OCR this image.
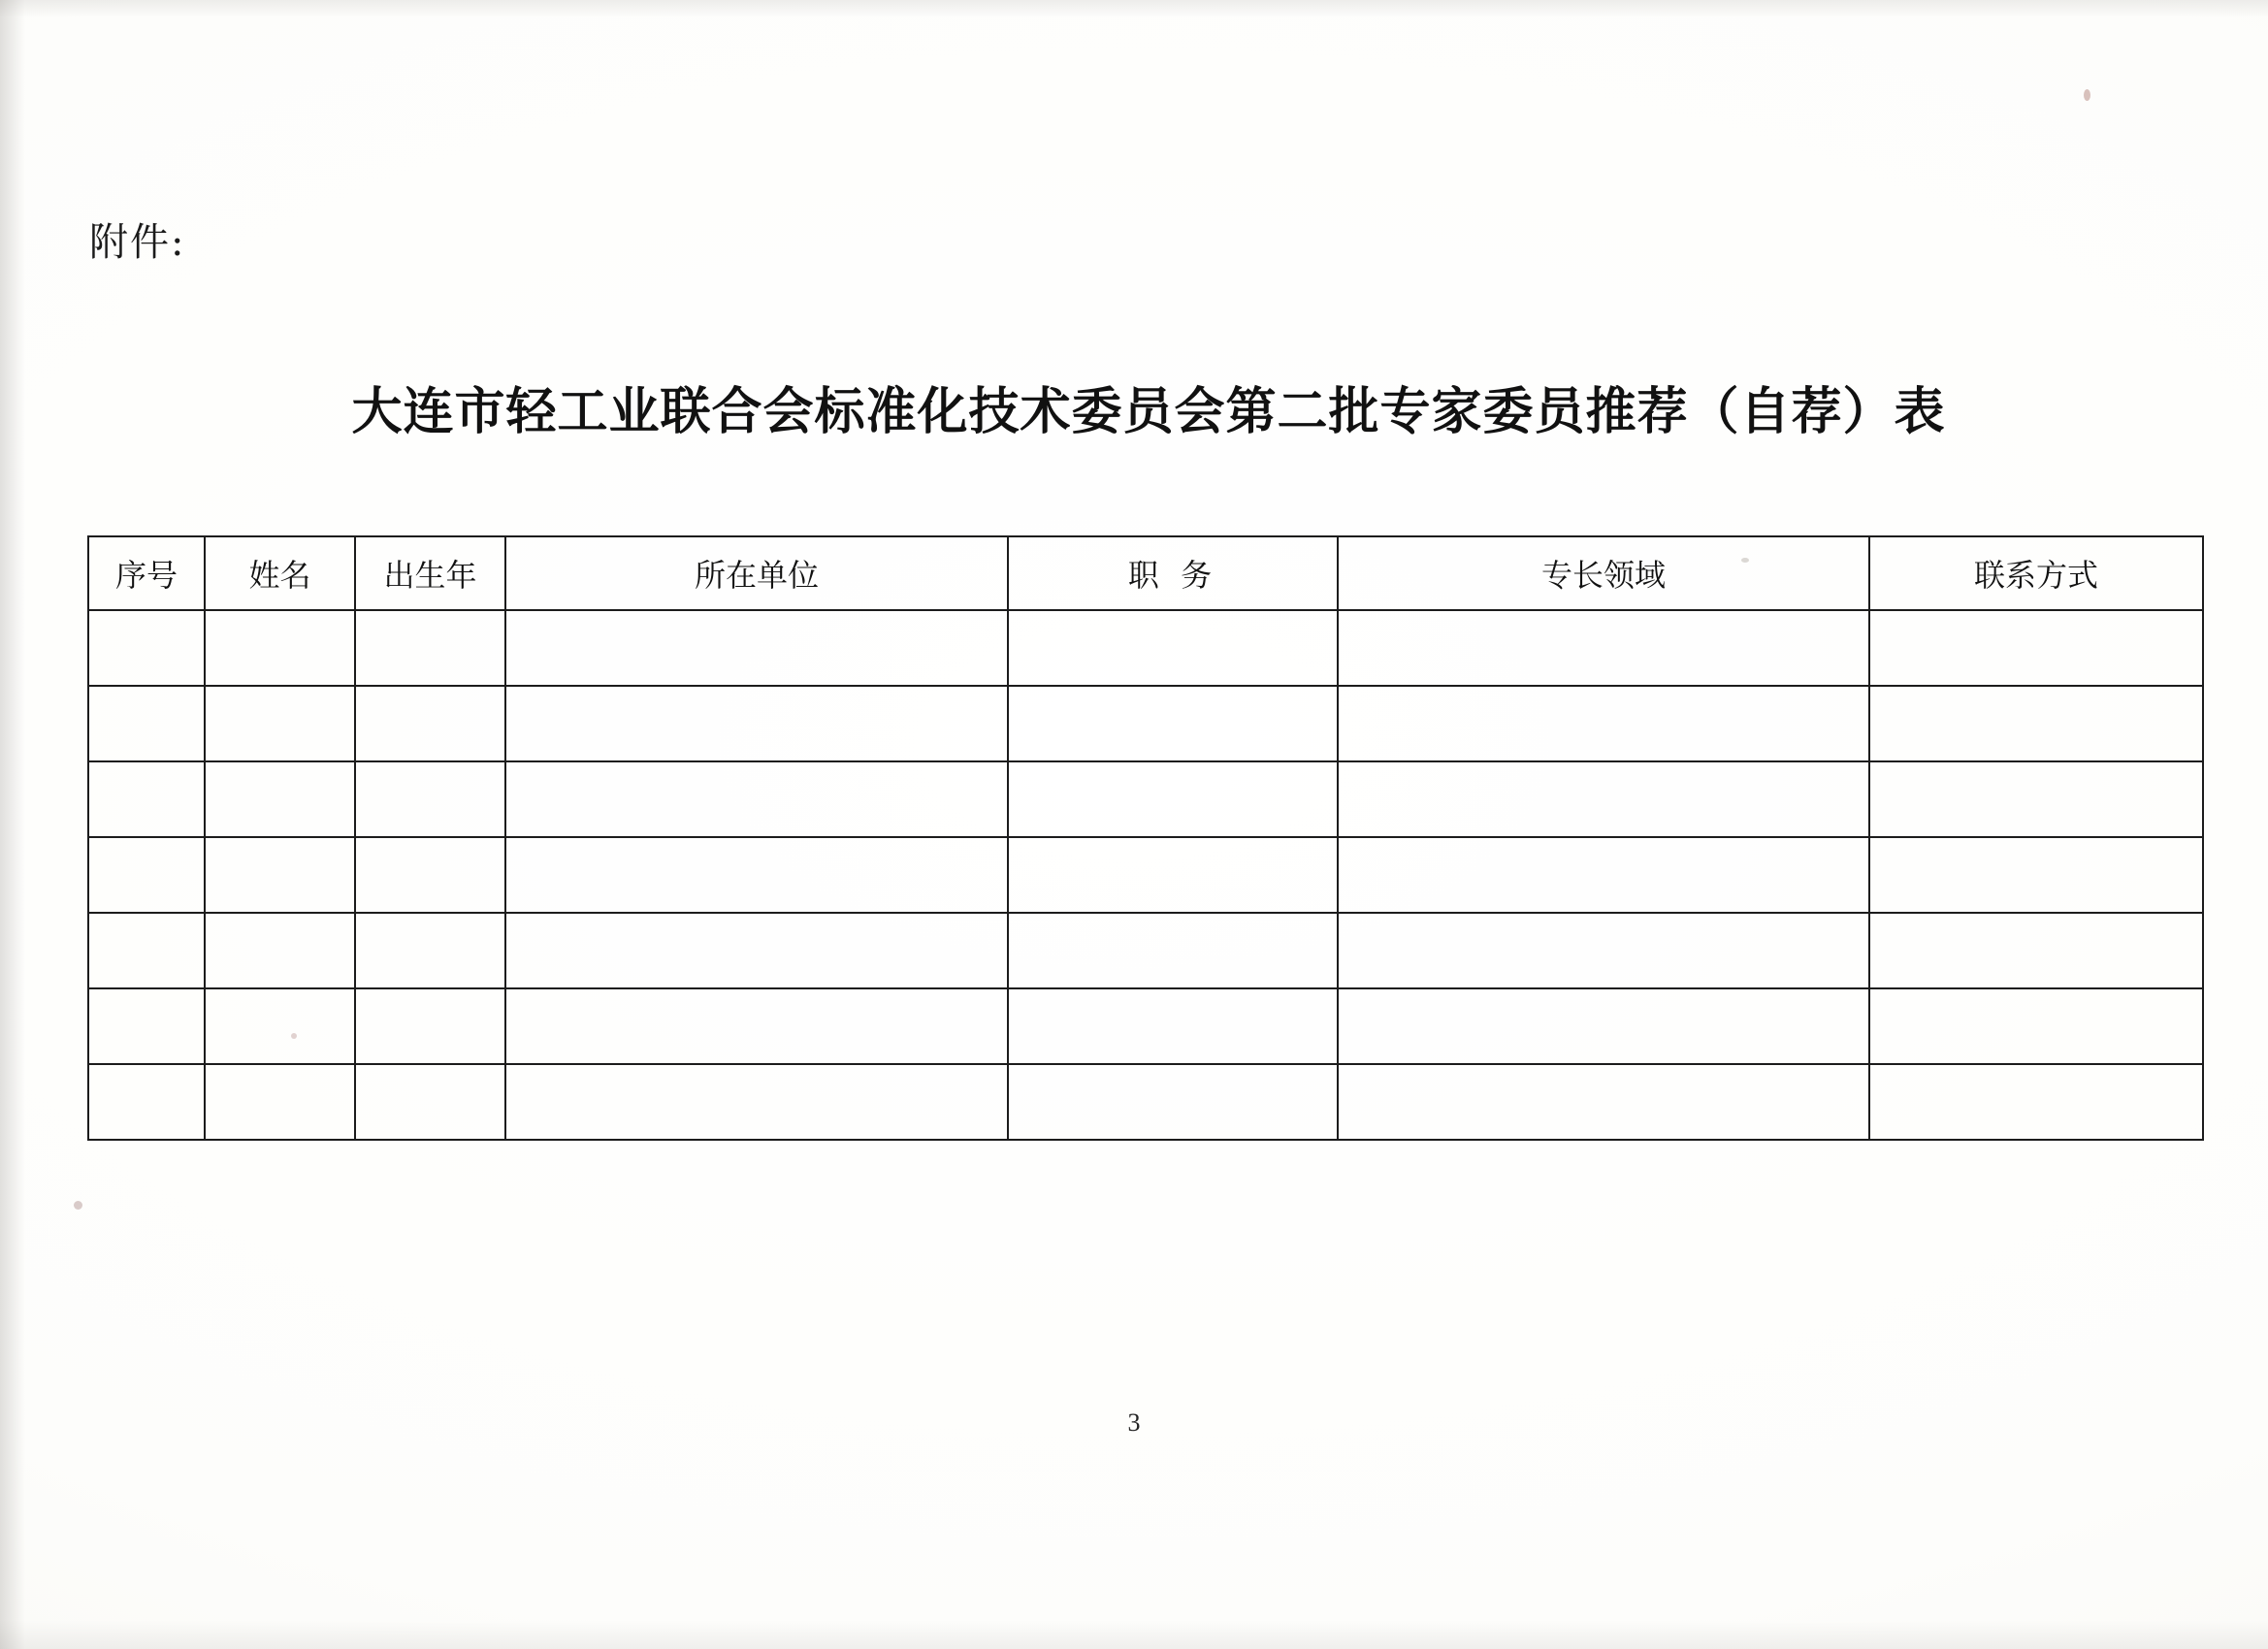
附件:
大连市轻工业联合会标准化技术委员会第二批专家委员推荐（自荐）表
序号	姓名	出生年	所在单位	职 务	专长领域	联系方式

3
